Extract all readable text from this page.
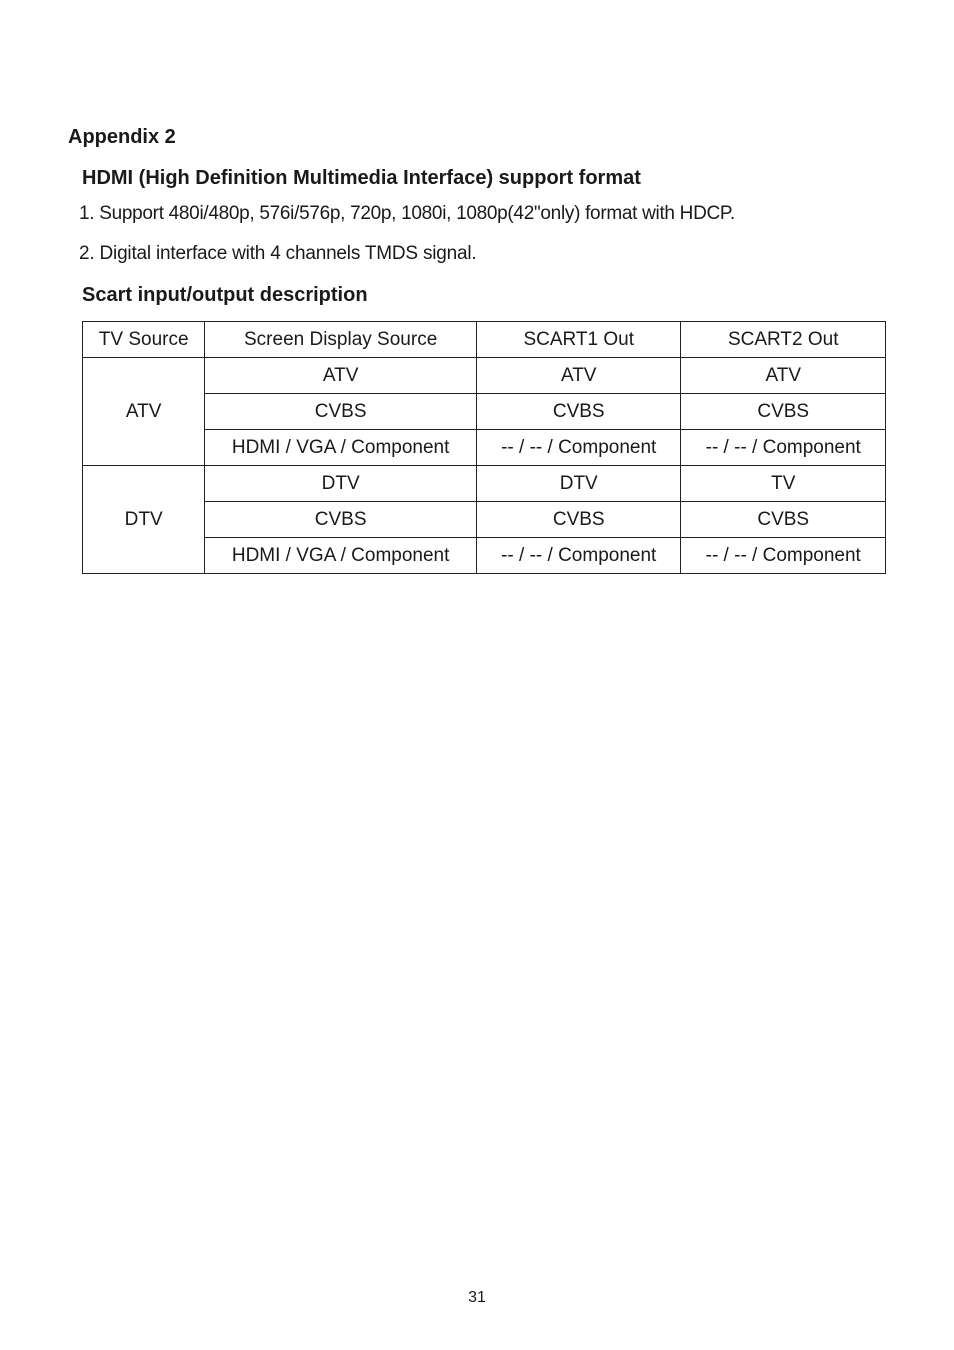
Appendix 2
HDMI (High Definition Multimedia Interface) support format

1. Support 480i/480p, 576i/576p, 720p, 1080i, 1080p(42"only) format with HDCP.

2. Digital interface with 4 channels TMDS signal.

Scart input/output description
TV Source	Screen Display Source	SCART1 Out	SCART2 Out
ATV	ATV	ATV	ATV
	CVBS	CVBS	CVBS
	HDMI / VGA / Component	-- / -- / Component	-- / -- / Component
DTV	DTV	DTV	TV
	CVBS	CVBS	CVBS
	HDMI / VGA / Component	-- / -- / Component	-- / -- / Component
31
